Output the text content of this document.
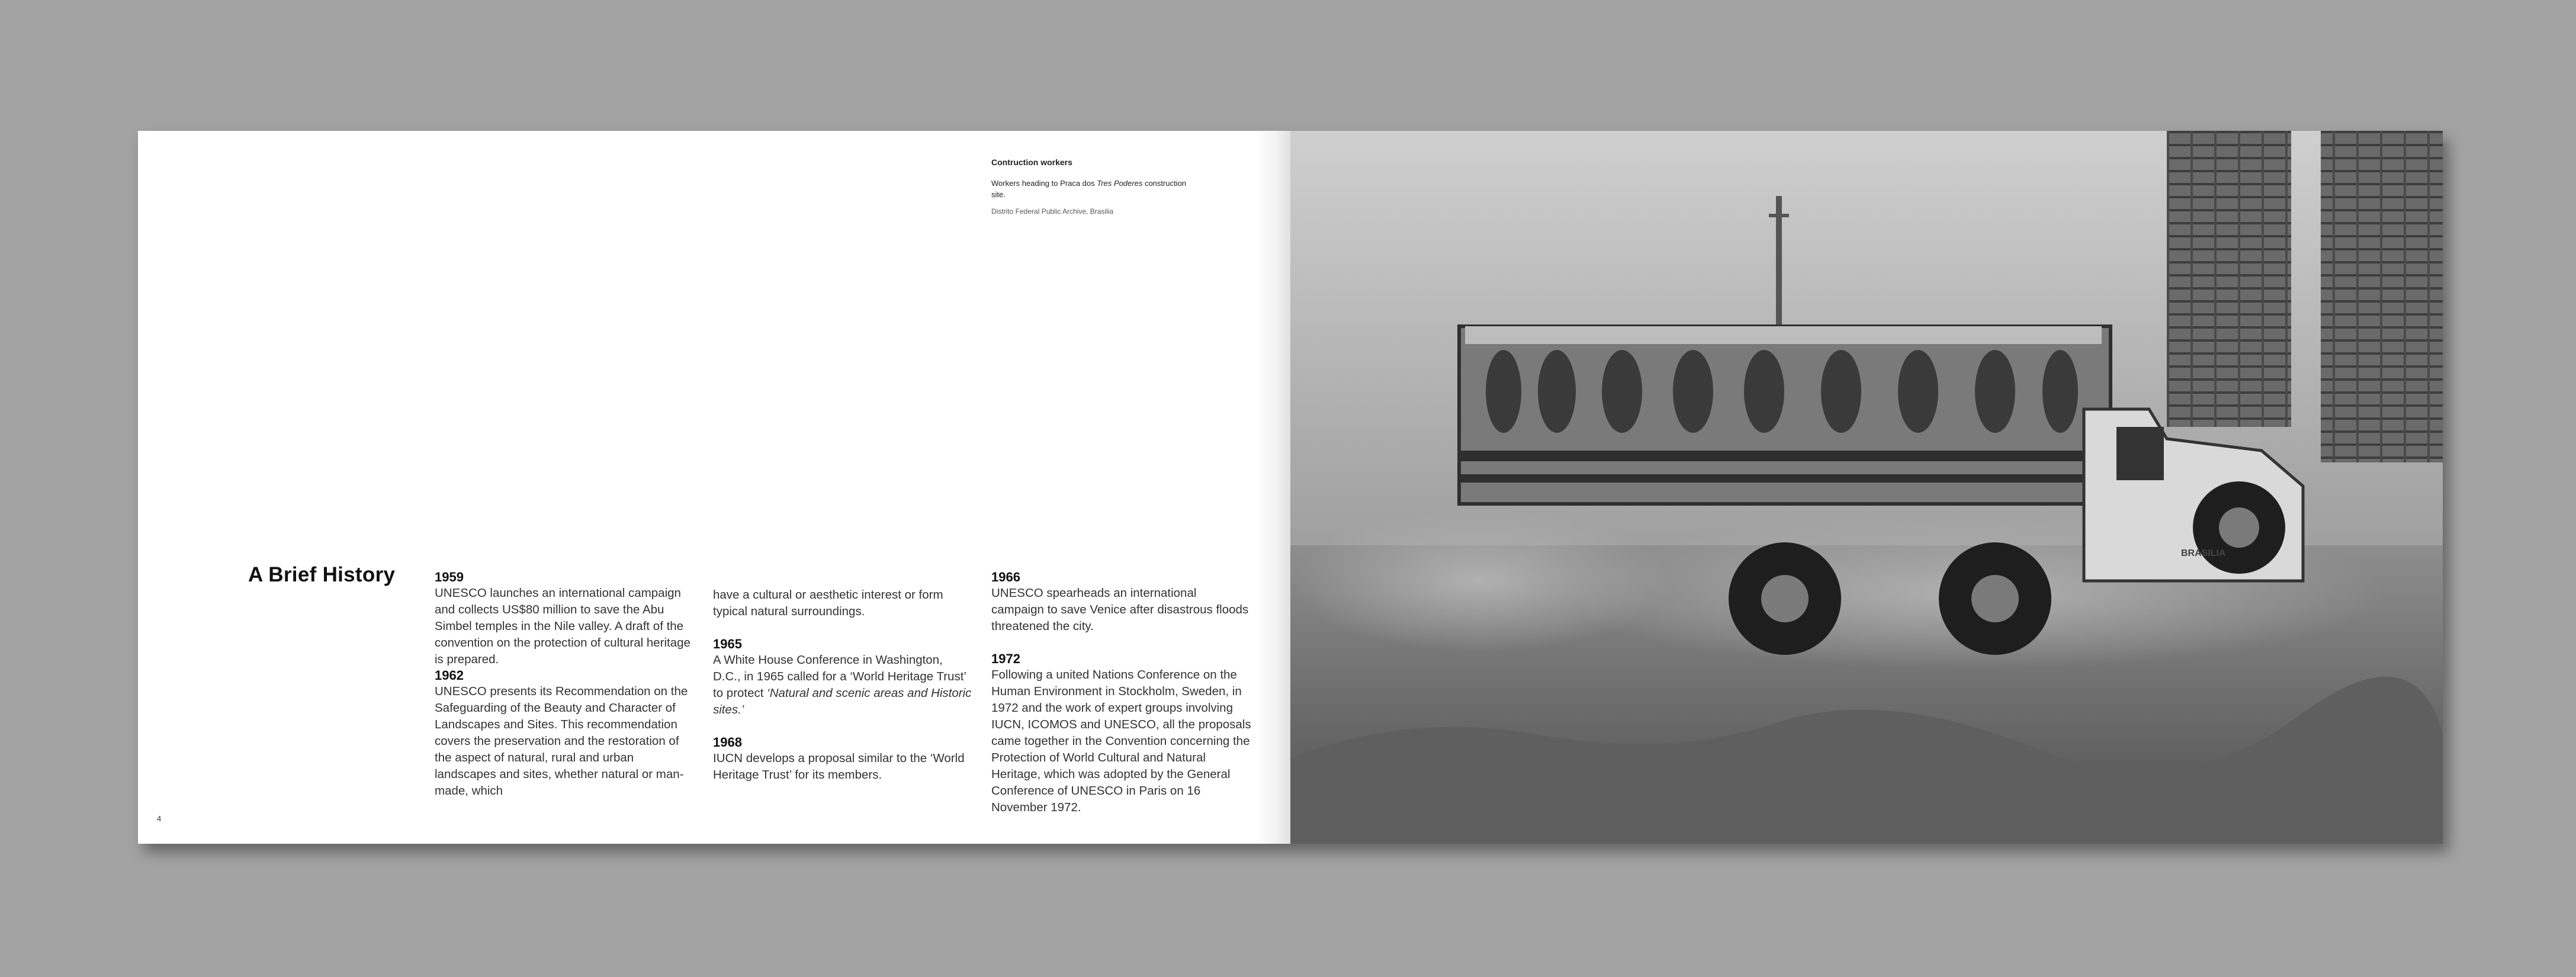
Contruction workers

Workers heading to Praca dos Tres Poderes construction site.

Distrito Federal Public Archive, Brasilia

A Brief History	1959

UNESCO launches an international campaign and collects US$80 million to save the Abu Simbel temples in the Nile valley. A draft of the convention on the protection of cultural heritage is prepared.

1962

UNESCO presents its Recommendation on the Safeguarding of the Beauty and Character of Landscapes and Sites. This recommendation covers the preservation and the restoration of the aspect of natural, rural and urban landscapes and sites, whether natural or man-made, which

have a cultural or aesthetic interest or form typical natural surroundings.

1965

A White House Conference in Washington, D.C., in 1965 called for a ‘World Heritage Trust’ to protect ‘Natural and scenic areas and Historic sites.’

1968

IUCN develops a proposal similar to the ‘World Heritage Trust’ for its members.

1966

UNESCO spearheads an international campaign to save Venice after disastrous floods threatened the city.

1972

Following a united Nations Conference on the Human Environment in Stockholm, Sweden, in 1972 and the work of expert groups involving IUCN, ICOMOS and UNESCO, all the proposals came together in the Convention concerning the Protection of World Cultural and Natural Heritage, which was adopted by the General Conference of UNESCO in Paris on 16 November 1972.

4
BRASILIA
